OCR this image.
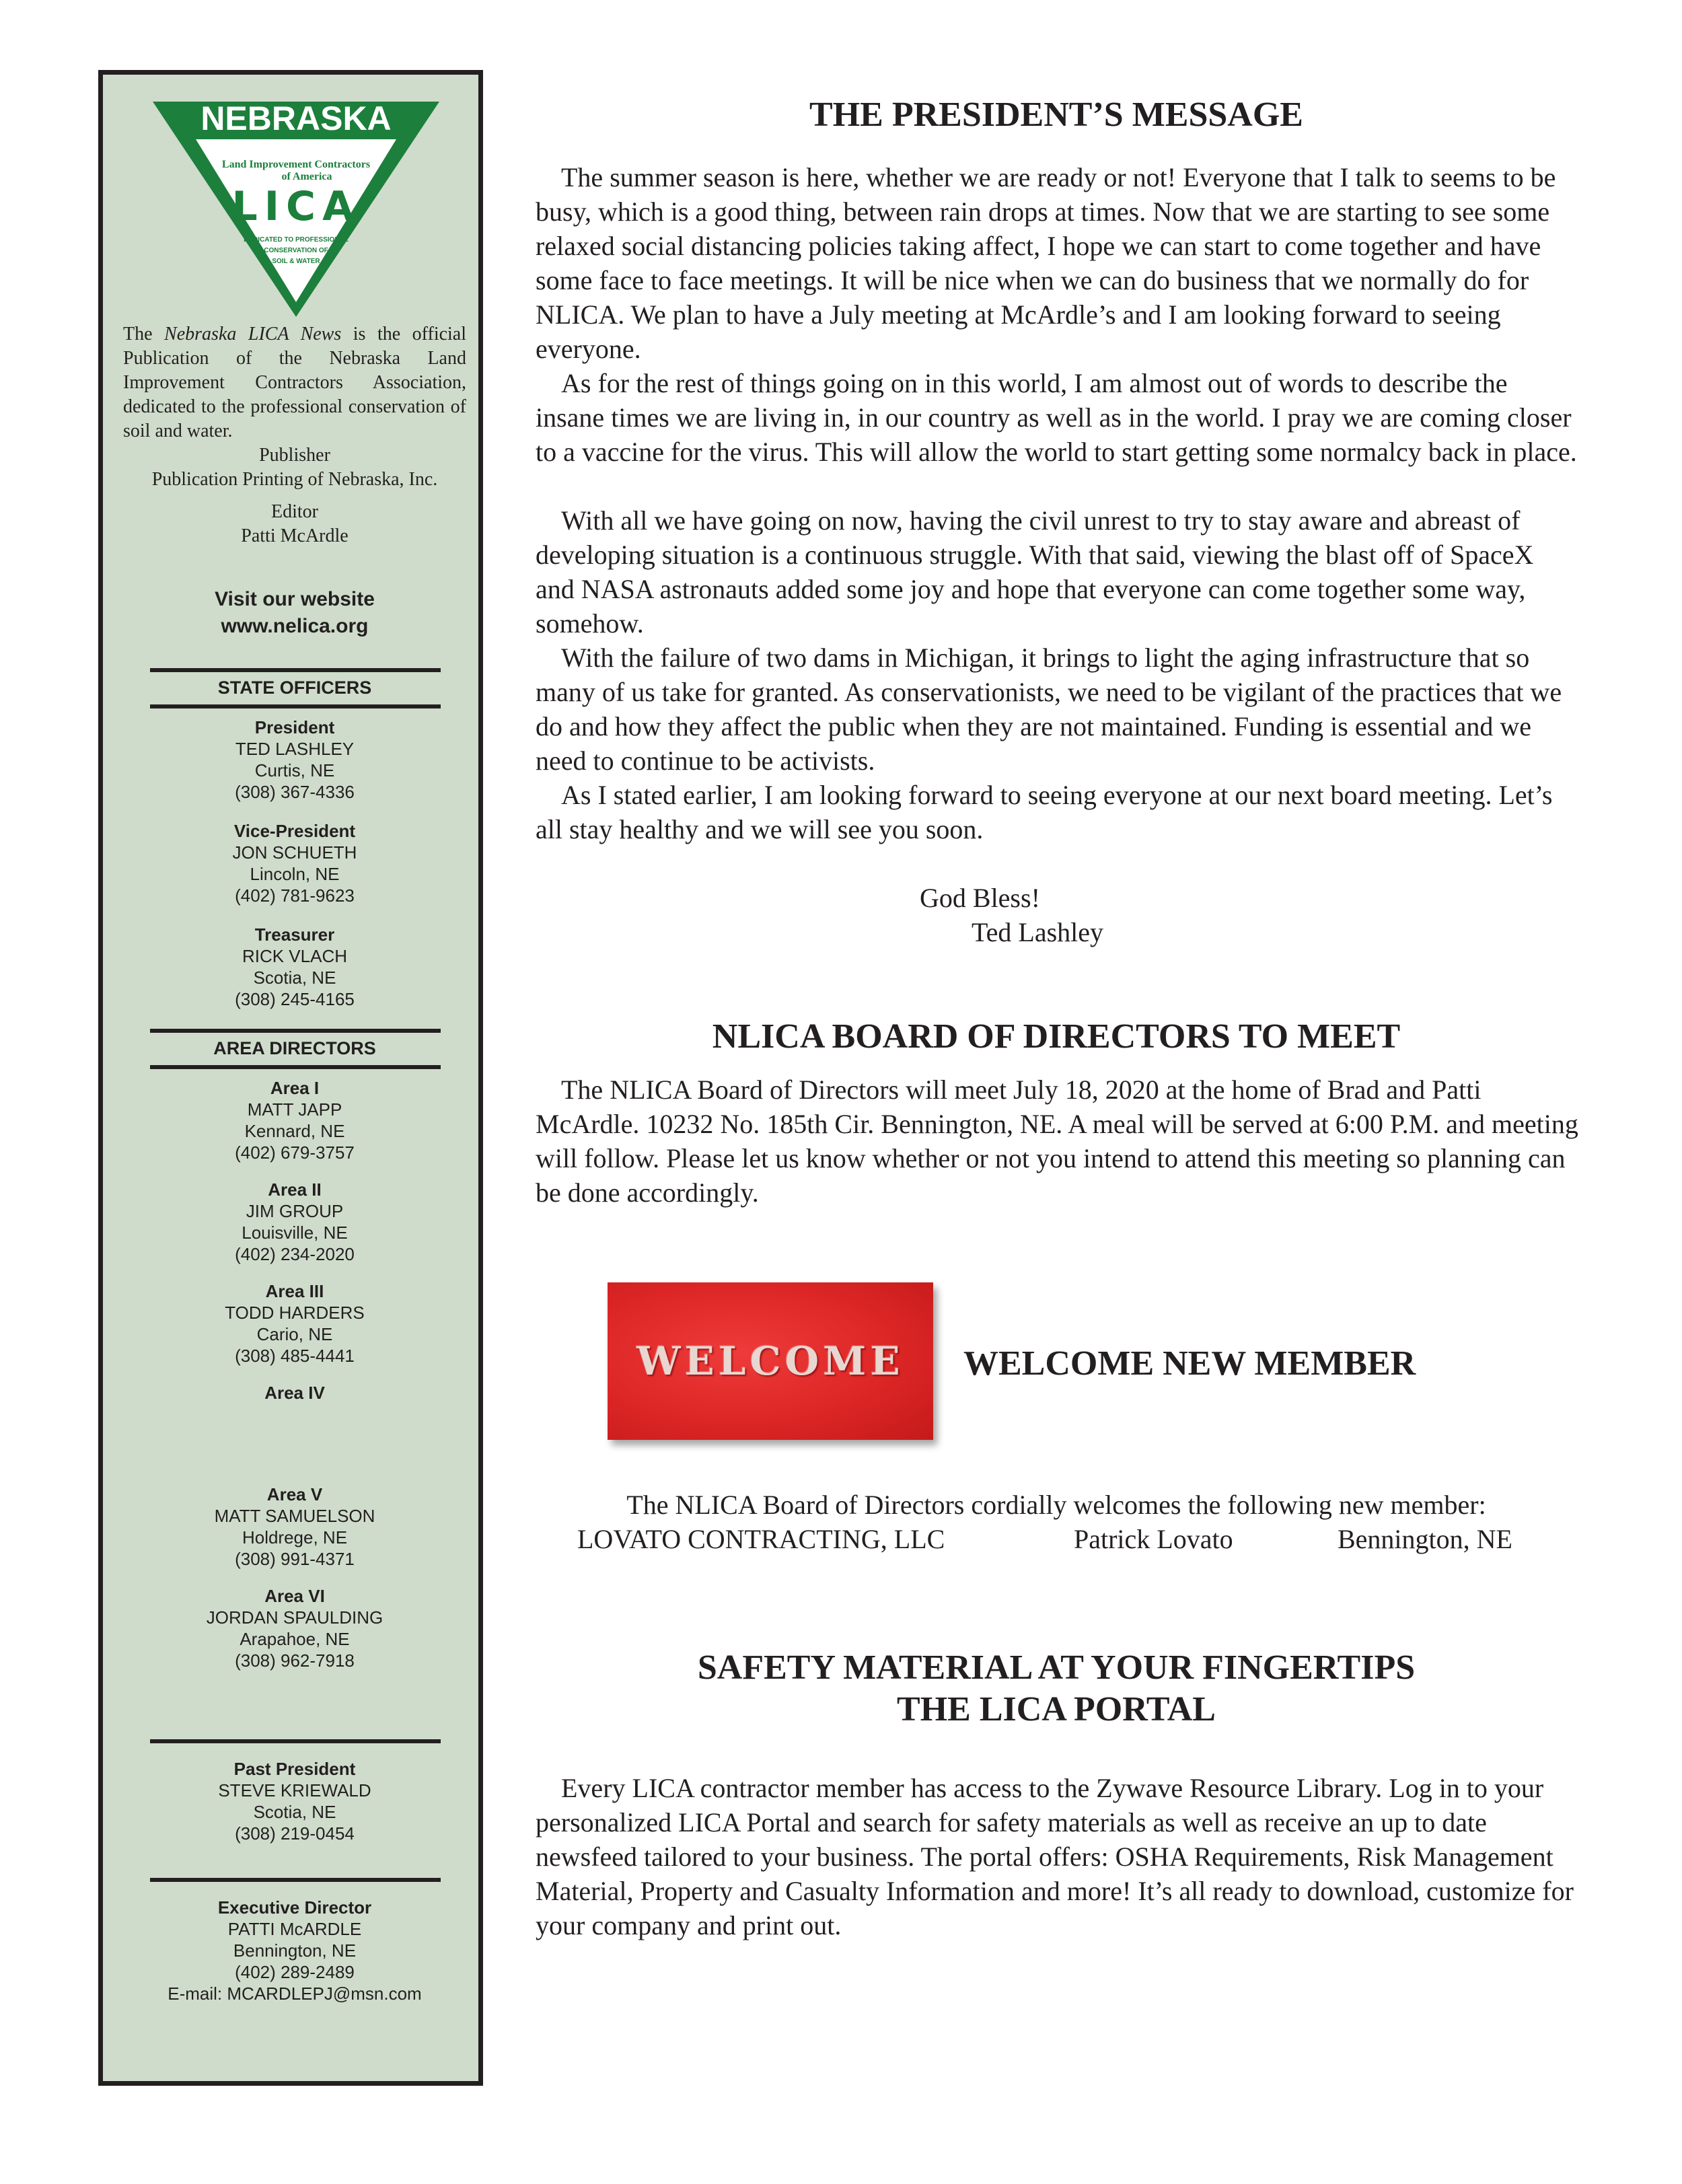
NEBRASKA
CHAPTER
Land Improvement Contractors
of America
LICA
DEDICATED TO PROFESSIONAL
CONSERVATION OF
SOIL & WATER
The Nebraska LICA News is the official Publication of the Nebraska Land Improvement Contractors Association, dedicated to the professional conservation of soil and water.
Publisher
Publication Printing of Nebraska, Inc.
Editor
Patti McArdle
Visit our website
www.nelica.org
STATE OFFICERS
President
TED LASHLEY
Curtis, NE
(308) 367-4336
Vice-President
JON SCHUETH
Lincoln, NE
(402) 781-9623
Treasurer
RICK VLACH
Scotia, NE
(308) 245-4165
AREA DIRECTORS
Area I
MATT JAPP
Kennard, NE
(402) 679-3757
Area II
JIM GROUP
Louisville, NE
(402) 234-2020
Area III
TODD HARDERS
Cario, NE
(308) 485-4441
Area IV
Area V
MATT SAMUELSON
Holdrege, NE
(308) 991-4371
Area VI
JORDAN SPAULDING
Arapahoe, NE
(308) 962-7918
Past President
STEVE KRIEWALD
Scotia, NE
(308) 219-0454
Executive Director
PATTI McARDLE
Bennington, NE
(402) 289-2489
E-mail: MCARDLEPJ@msn.com
THE PRESIDENT’S MESSAGE

The summer season is here, whether we are ready or not! Everyone that I talk to seems to be busy, which is a good thing, between rain drops at times. Now that we are starting to see some relaxed social distancing policies taking affect, I hope we can start to come together and have some face to face meetings. It will be nice when we can do business that we normally do for NLICA. We plan to have a July meeting at McArdle’s and I am looking forward to seeing everyone.

As for the rest of things going on in this world, I am almost out of words to describe the insane times we are living in, in our country as well as in the world. I pray we are coming closer to a vaccine for the virus. This will allow the world to start getting some normalcy back in place.

With all we have going on now, having the civil unrest to try to stay aware and abreast of developing situation is a continuous struggle. With that said, viewing the blast off of SpaceX and NASA astronauts added some joy and hope that everyone can come together some way, somehow.

With the failure of two dams in Michigan, it brings to light the aging infrastructure that so many of us take for granted. As conservationists, we need to be vigilant of the practices that we do and how they affect the public when they are not maintained. Funding is essential and we need to continue to be activists.

As I stated earlier, I am looking forward to seeing everyone at our next board meeting. Let’s all stay healthy and we will see you soon.

God Bless!
Ted Lashley
NLICA BOARD OF DIRECTORS TO MEET

The NLICA Board of Directors will meet July 18, 2020 at the home of Brad and Patti McArdle. 10232 No. 185th Cir. Bennington, NE. A meal will be served at 6:00 P.M. and meeting will follow. Please let us know whether or not you intend to attend this meeting so planning can be done accordingly.

WELCOME WELCOME NEW MEMBER
The NLICA Board of Directors cordially welcomes the following new member:
LOVATO CONTRACTING, LLC	Patrick Lovato	Bennington, NE
SAFETY MATERIAL AT YOUR FINGERTIPS
THE LICA PORTAL

Every LICA contractor member has access to the Zywave Resource Library. Log in to your personalized LICA Portal and search for safety materials as well as receive an up to date newsfeed tailored to your business. The portal offers: OSHA Requirements, Risk Management Material, Property and Casualty Information and more! It’s all ready to download, customize for your company and print out.
